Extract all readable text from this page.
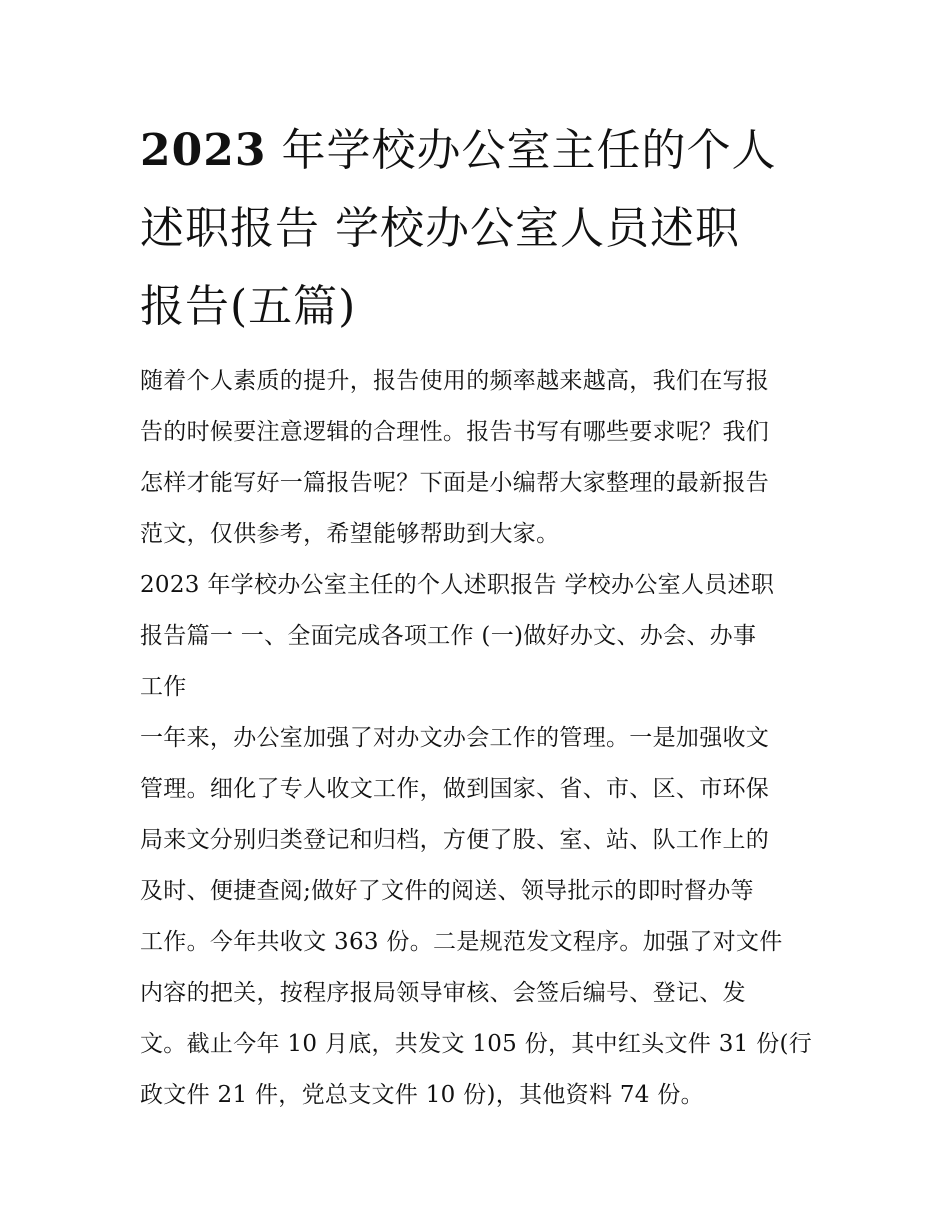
2023 年学校办公室主任的个人
述职报告 学校办公室人员述职
报告(五篇)

随着个人素质的提升，报告使用的频率越来越高，我们在写报
告的时候要注意逻辑的合理性。报告书写有哪些要求呢？我们
怎样才能写好一篇报告呢？下面是小编帮大家整理的最新报告
范文，仅供参考，希望能够帮助到大家。

2023 年学校办公室主任的个人述职报告 学校办公室人员述职
报告篇一 一、全面完成各项工作 (一)做好办文、办会、办事
工作

一年来，办公室加强了对办文办会工作的管理。一是加强收文
管理。细化了专人收文工作，做到国家、省、市、区、市环保
局来文分别归类登记和归档，方便了股、室、站、队工作上的
及时、便捷查阅;做好了文件的阅送、领导批示的即时督办等
工作。今年共收文 363 份。二是规范发文程序。加强了对文件
内容的把关，按程序报局领导审核、会签后编号、登记、发
文。截止今年 10 月底，共发文 105 份，其中红头文件 31 份(行
政文件 21 件，党总支文件 10 份)，其他资料 74 份。
